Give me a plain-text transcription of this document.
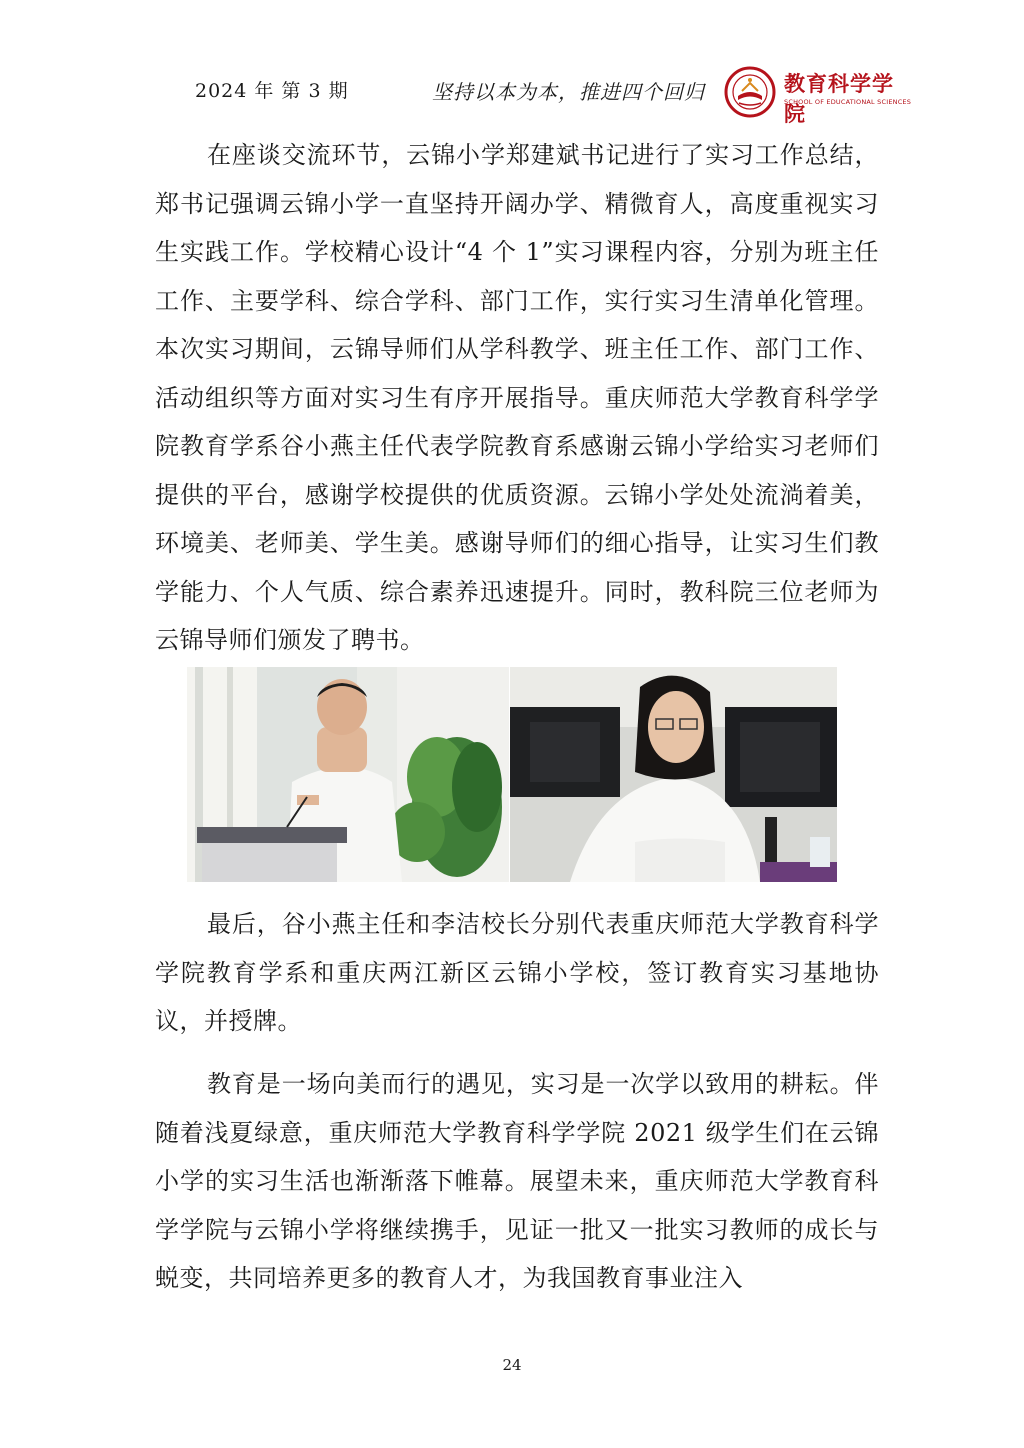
2024 年 第 3 期	坚持以本为本，推进四个回归	教育科学学院
SCHOOL OF EDUCATIONAL SCIENCES

在座谈交流环节，云锦小学郑建斌书记进行了实习工作总结，郑书记强调云锦小学一直坚持开阔办学、精微育人，高度重视实习生实践工作。学校精心设计“4 个 1”实习课程内容，分别为班主任工作、主要学科、综合学科、部门工作，实行实习生清单化管理。本次实习期间，云锦导师们从学科教学、班主任工作、部门工作、活动组织等方面对实习生有序开展指导。重庆师范大学教育科学学院教育学系谷小燕主任代表学院教育系感谢云锦小学给实习老师们提供的平台，感谢学校提供的优质资源。云锦小学处处流淌着美，环境美、老师美、学生美。感谢导师们的细心指导，让实习生们教学能力、个人气质、综合素养迅速提升。同时，教科院三位老师为云锦导师们颁发了聘书。

最后，谷小燕主任和李洁校长分别代表重庆师范大学教育科学学院教育学系和重庆两江新区云锦小学校，签订教育实习基地协议，并授牌。

教育是一场向美而行的遇见，实习是一次学以致用的耕耘。伴随着浅夏绿意，重庆师范大学教育科学学院 2021 级学生们在云锦小学的实习生活也渐渐落下帷幕。展望未来，重庆师范大学教育科学学院与云锦小学将继续携手，见证一批又一批实习教师的成长与蜕变，共同培养更多的教育人才，为我国教育事业注入

24
